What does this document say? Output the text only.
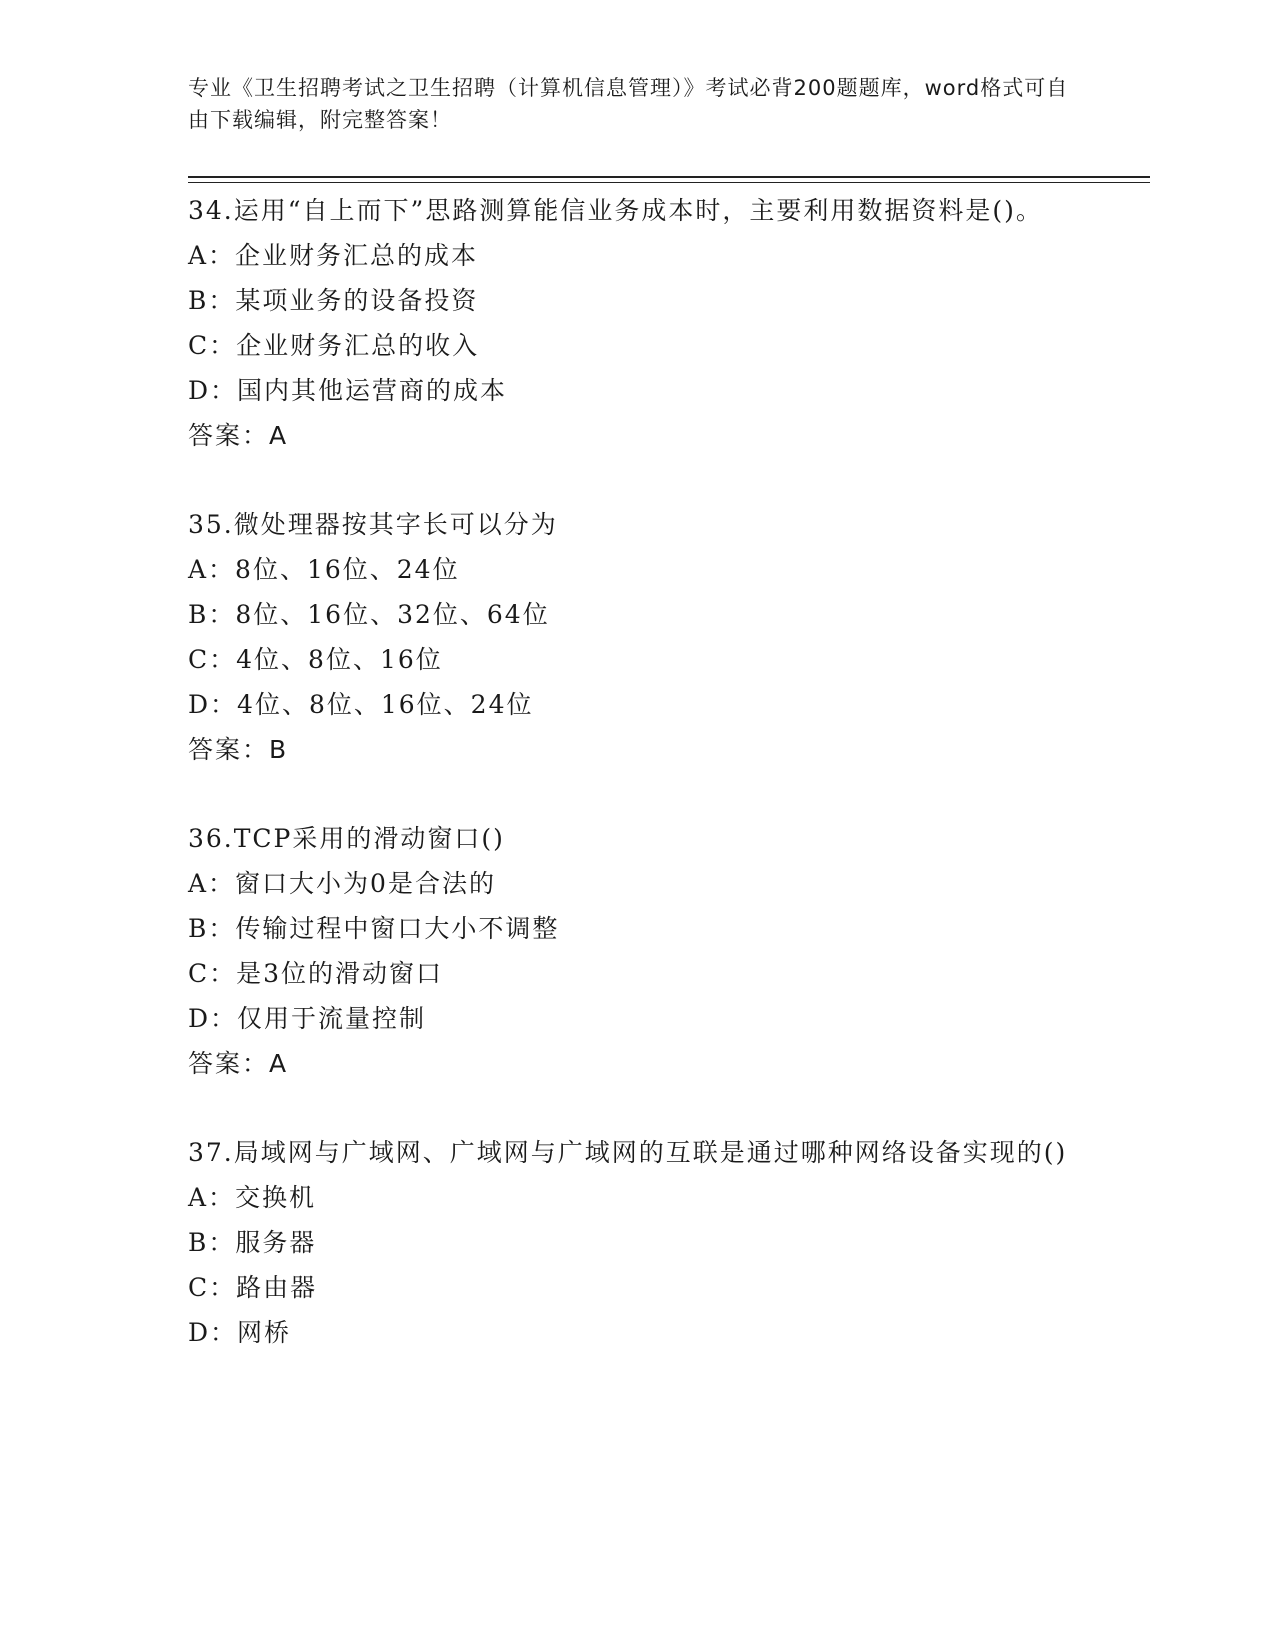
专业《卫生招聘考试之卫生招聘（计算机信息管理）》考试必背200题题库，word格式可自由下载编辑，附完整答案！

34.运用“自上而下”思路测算能信业务成本时，主要利用数据资料是()。

A：企业财务汇总的成本

B：某项业务的设备投资

C：企业财务汇总的收入

D：国内其他运营商的成本

答案：A

35.微处理器按其字长可以分为

A：8位、16位、24位

B：8位、16位、32位、64位

C：4位、8位、16位

D：4位、8位、16位、24位

答案：B

36.TCP采用的滑动窗口()

A：窗口大小为0是合法的

B：传输过程中窗口大小不调整

C：是3位的滑动窗口

D：仅用于流量控制

答案：A

37.局域网与广域网、广域网与广域网的互联是通过哪种网络设备实现的()

A：交换机

B：服务器

C：路由器

D：网桥
